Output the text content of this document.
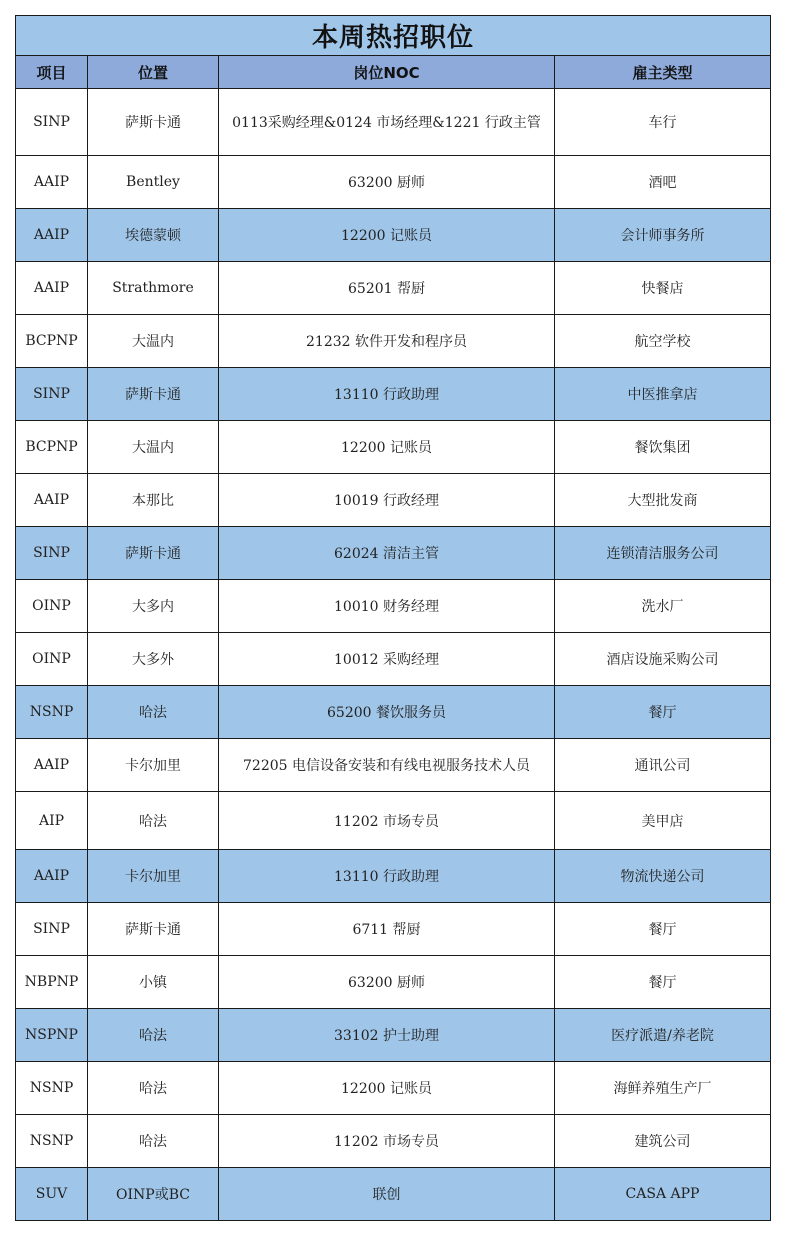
本周热招职位			
项目	位置	岗位NOC	雇主类型
SINP	萨斯卡通	0113采购经理&0124 市场经理&1221 行政主管	车行
AAIP	Bentley	63200 厨师	酒吧
AAIP	埃德蒙顿	12200 记账员	会计师事务所
AAIP	Strathmore	65201 帮厨	快餐店
BCPNP	大温内	21232 软件开发和程序员	航空学校
SINP	萨斯卡通	13110 行政助理	中医推拿店
BCPNP	大温内	12200 记账员	餐饮集团
AAIP	本那比	10019 行政经理	大型批发商
SINP	萨斯卡通	62024 清洁主管	连锁清洁服务公司
OINP	大多内	10010 财务经理	洗水厂
OINP	大多外	10012 采购经理	酒店设施采购公司
NSNP	哈法	65200 餐饮服务员	餐厅
AAIP	卡尔加里	72205 电信设备安装和有线电视服务技术人员	通讯公司
AIP	哈法	11202 市场专员	美甲店
AAIP	卡尔加里	13110 行政助理	物流快递公司
SINP	萨斯卡通	6711 帮厨	餐厅
NBPNP	小镇	63200 厨师	餐厅
NSPNP	哈法	33102 护士助理	医疗派遣/养老院
NSNP	哈法	12200 记账员	海鲜养殖生产厂
NSNP	哈法	11202 市场专员	建筑公司
SUV	OINP或BC	联创	CASA APP
